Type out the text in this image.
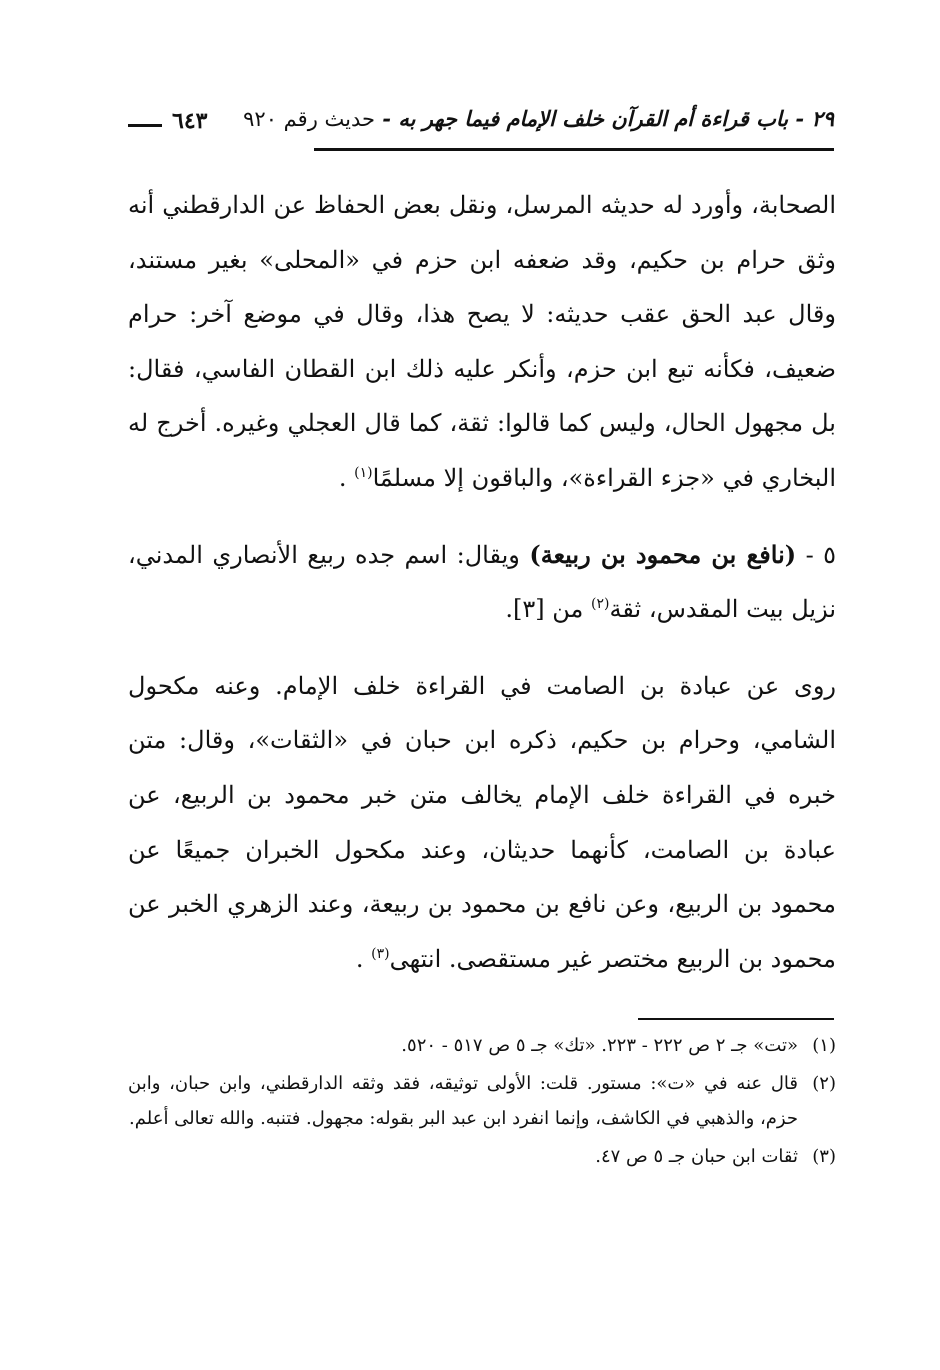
٢٩ - باب قراءة أم القرآن خلف الإمام فيما جهر به - حديث رقم ٩٢٠
٦٤٣

الصحابة، وأورد له حديثه المرسل، ونقل بعض الحفاظ عن الدارقطني أنه وثق حرام بن حكيم، وقد ضعفه ابن حزم في «المحلى» بغير مستند، وقال عبد الحق عقب حديثه: لا يصح هذا، وقال في موضع آخر: حرام ضعيف، فكأنه تبع ابن حزم، وأنكر عليه ذلك ابن القطان الفاسي، فقال: بل مجهول الحال، وليس كما قالوا: ثقة، كما قال العجلي وغيره. أخرج له البخاري في «جزء القراءة»، والباقون إلا مسلمًا$^{(١)}$ .

٥ - (نافع بن محمود بن ربيعة) ويقال: اسم جده ربيع الأنصاري المدني، نزيل بيت المقدس، ثقة$^{(٢)}$ من [٣].

روى عن عبادة بن الصامت في القراءة خلف الإمام. وعنه مكحول الشامي، وحرام بن حكيم، ذكره ابن حبان في «الثقات»، وقال: متن خبره في القراءة خلف الإمام يخالف متن خبر محمود بن الربيع، عن عبادة بن الصامت، كأنهما حديثان، وعند مكحول الخبران جميعًا عن محمود بن الربيع، وعن نافع بن محمود بن ربيعة، وعند الزهري الخبر عن محمود بن الربيع مختصر غير مستقصى. انتهى$^{(٣)}$ .

(١)
«تت» جـ ٢ ص ٢٢٢ - ٢٢٣. «تك» جـ ٥ ص ٥١٧ - ٥٢٠.
(٢)
قال عنه في «ت»: مستور. قلت: الأولى توثيقه، فقد وثقه الدارقطني، وابن حبان، وابن حزم، والذهبي في الكاشف، وإنما انفرد ابن عبد البر بقوله: مجهول. فتنبه. والله تعالى أعلم.
(٣)
ثقات ابن حبان جـ ٥ ص ٤٧.
